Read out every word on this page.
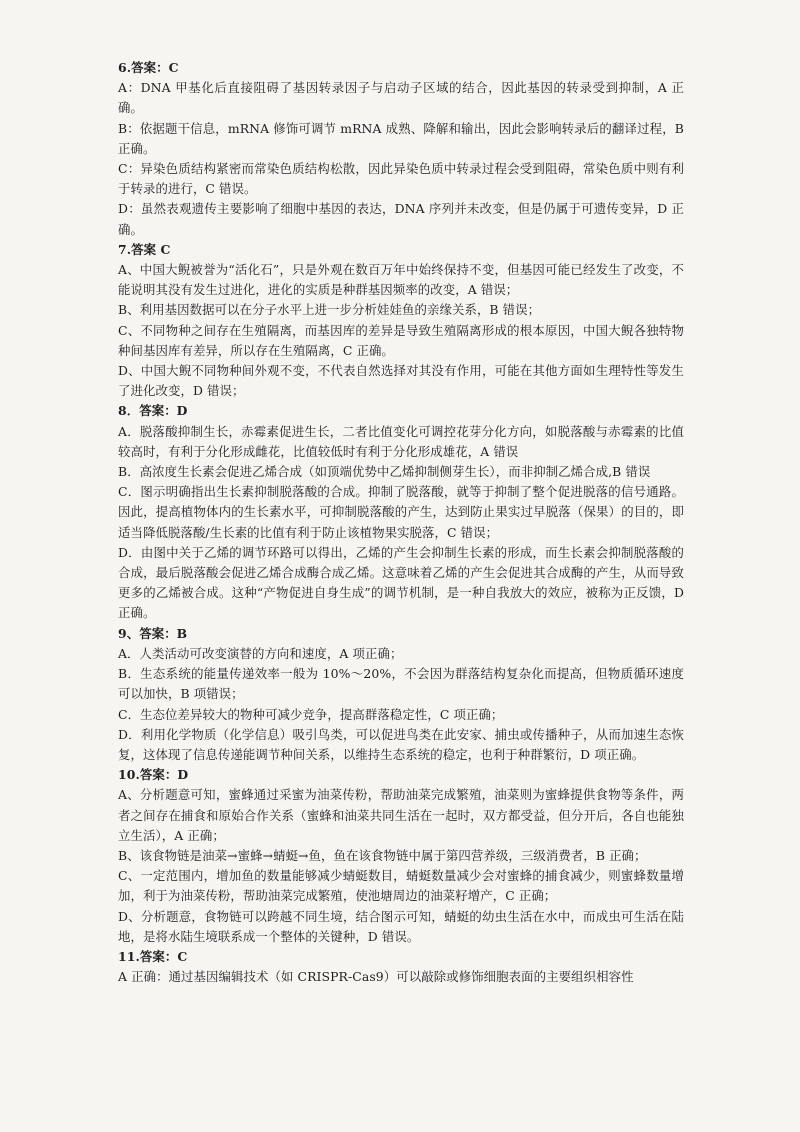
6.答案：C

A：DNA 甲基化后直接阻碍了基因转录因子与启动子区域的结合，因此基因的转录受到抑制，A 正确。

B：依据题干信息，mRNA 修饰可调节 mRNA 成熟、降解和输出，因此会影响转录后的翻译过程，B 正确。

C：异染色质结构紧密而常染色质结构松散，因此异染色质中转录过程会受到阻碍，常染色质中则有利于转录的进行，C 错误。

D：虽然表观遗传主要影响了细胞中基因的表达，DNA 序列并未改变，但是仍属于可遗传变异，D 正确。

7.答案 C

A、中国大鲵被誉为“活化石”，只是外观在数百万年中始终保持不变，但基因可能已经发生了改变，不能说明其没有发生过进化，进化的实质是种群基因频率的改变，A 错误；

B、利用基因数据可以在分子水平上进一步分析娃娃鱼的亲缘关系，B 错误；

C、不同物种之间存在生殖隔离，而基因库的差异是导致生殖隔离形成的根本原因，中国大鲵各独特物种间基因库有差异，所以存在生殖隔离，C 正确。

D、中国大鲵不同物种间外观不变，不代表自然选择对其没有作用，可能在其他方面如生理特性等发生了进化改变，D 错误；

8．答案：D

A．脱落酸抑制生长，赤霉素促进生长，二者比值变化可调控花芽分化方向，如脱落酸与赤霉素的比值较高时，有利于分化形成雌花，比值较低时有利于分化形成雄花，A 错误

B．高浓度生长素会促进乙烯合成（如顶端优势中乙烯抑制侧芽生长），而非抑制乙烯合成,B 错误

C．图示明确指出生长素抑制脱落酸的合成。抑制了脱落酸，就等于抑制了整个促进脱落的信号通路。因此，提高植物体内的生长素水平，可抑制脱落酸的产生，达到防止果实过早脱落（保果）的目的，即适当降低脱落酸/生长素的比值有利于防止该植物果实脱落，C 错误；

D．由图中关于乙烯的调节环路可以得出，乙烯的产生会抑制生长素的形成，而生长素会抑制脱落酸的合成，最后脱落酸会促进乙烯合成酶合成乙烯。这意味着乙烯的产生会促进其合成酶的产生，从而导致更多的乙烯被合成。这种“产物促进自身生成”的调节机制，是一种自我放大的效应，被称为正反馈，D 正确。

9、答案：B

A．人类活动可改变演替的方向和速度，A 项正确；

B．生态系统的能量传递效率一般为 10%～20%，不会因为群落结构复杂化而提高，但物质循环速度可以加快，B 项错误；

C．生态位差异较大的物种可减少竞争，提高群落稳定性，C 项正确；

D．利用化学物质（化学信息）吸引鸟类，可以促进鸟类在此安家、捕虫或传播种子，从而加速生态恢复，这体现了信息传递能调节种间关系，以维持生态系统的稳定，也利于种群繁衍，D 项正确。

10.答案：D

A、分析题意可知，蜜蜂通过采蜜为油菜传粉，帮助油菜完成繁殖，油菜则为蜜蜂提供食物等条件，两者之间存在捕食和原始合作关系（蜜蜂和油菜共同生活在一起时，双方都受益，但分开后，各自也能独立生活），A 正确；

B、该食物链是油菜→蜜蜂→蜻蜓→鱼，鱼在该食物链中属于第四营养级，三级消费者，B 正确；

C、一定范围内，增加鱼的数量能够减少蜻蜓数目，蜻蜓数量减少会对蜜蜂的捕食减少，则蜜蜂数量增加，利于为油菜传粉，帮助油菜完成繁殖，使池塘周边的油菜籽增产，C 正确；

D、分析题意，食物链可以跨越不同生境，结合图示可知，蜻蜓的幼虫生活在水中，而成虫可生活在陆地，是将水陆生境联系成一个整体的关键种，D 错误。

11.答案：C

A 正确：通过基因编辑技术（如 CRISPR-Cas9）可以敲除或修饰细胞表面的主要组织相容性
